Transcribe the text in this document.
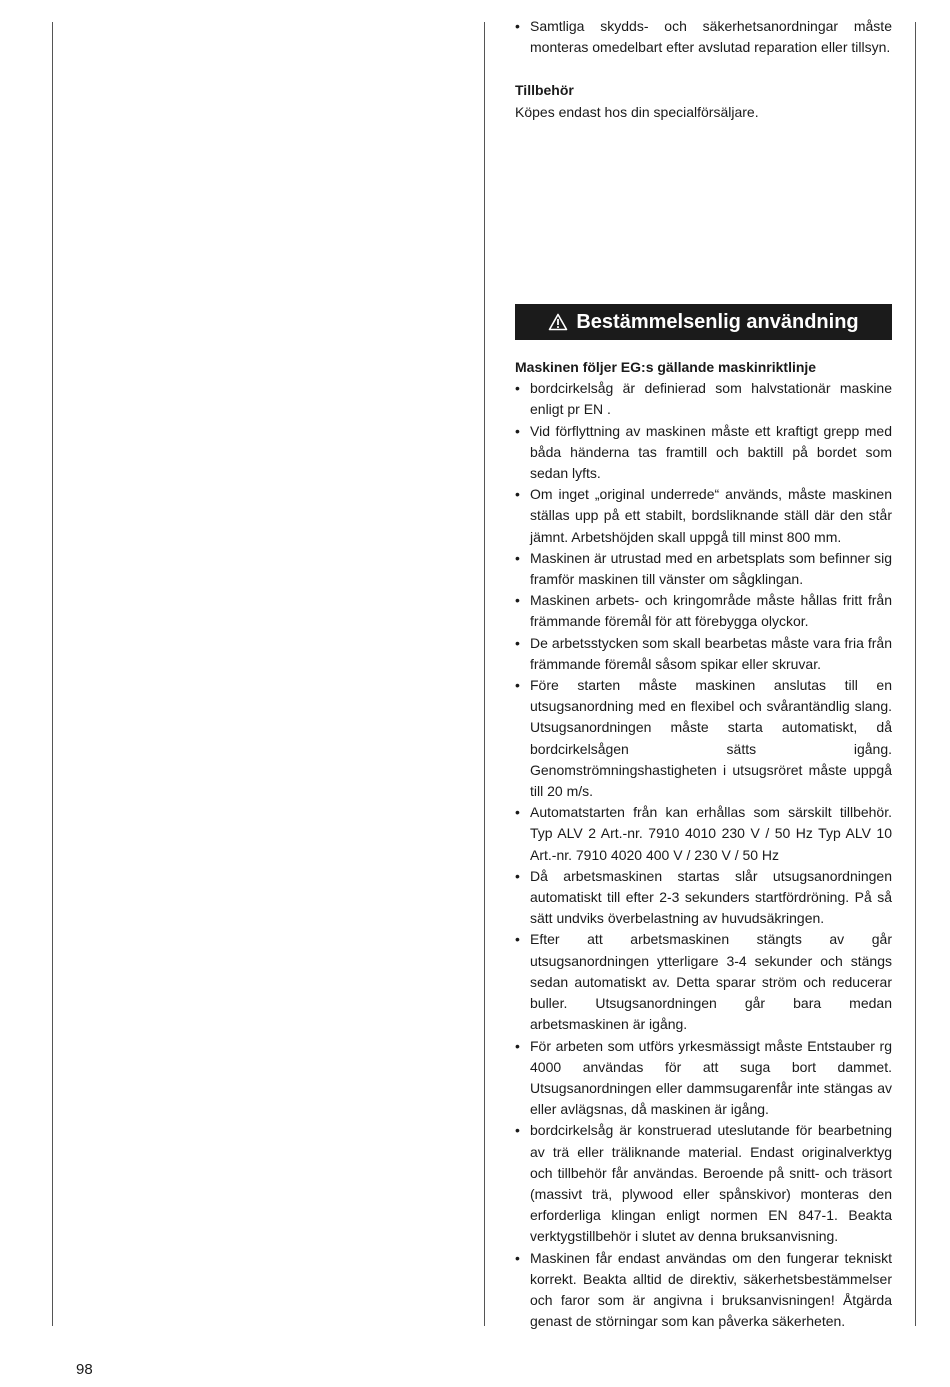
• Samtliga skydds- och säkerhetsanordningar måste monteras omedelbart efter avslutad reparation eller tillsyn.
Tillbehör
Köpes endast hos din specialförsäljare.
Bestämmelsenlig användning
Maskinen följer EG:s gällande maskinriktlinje
• bordcirkelsåg är definierad som halvstationär maskine enligt pr EN .
• Vid förflyttning av maskinen måste ett kraftigt grepp med båda händerna tas framtill och baktill på bordet som sedan lyfts.
• Om inget „original underrede“ används, måste maskinen ställas upp på ett stabilt, bordsliknande ställ där den står jämnt. Arbetshöjden skall uppgå till minst 800 mm.
• Maskinen är utrustad med en arbetsplats som befinner sig framför maskinen till vänster om sågklingan.
• Maskinen arbets- och kringområde måste hållas fritt från främmande föremål för att förebygga olyckor.
• De arbetsstycken som skall bearbetas måste vara fria från främmande föremål såsom spikar eller skruvar.
• Före starten måste maskinen anslutas till en utsugsanordning med en flexibel och svårantändlig slang. Utsugsanordningen måste starta automatiskt, då bordcirkelsågen sätts igång. Genomströmningshastigheten i utsugsröret måste uppgå till 20 m/s.
• Automatstarten från kan erhållas som särskilt tillbehör. Typ ALV 2 Art.-nr. 7910 4010 230 V / 50 Hz Typ ALV 10 Art.-nr. 7910 4020 400 V / 230 V / 50 Hz
• Då arbetsmaskinen startas slår utsugsanordningen automatiskt till efter 2-3 sekunders startfördröning. På så sätt undviks överbelastning av huvudsäkringen.
• Efter att arbetsmaskinen stängts av går utsugsanordningen ytterligare 3-4 sekunder och stängs sedan automatiskt av. Detta sparar ström och reducerar buller. Utsugsanordningen går bara medan arbetsmaskinen är igång.
• För arbeten som utförs yrkesmässigt måste Entstauber rg 4000 användas för att suga bort dammet. Utsugsanordningen eller dammsugarenfår inte stängas av eller avlägsnas, då maskinen är igång.
• bordcirkelsåg är konstruerad uteslutande för bearbetning av trä eller träliknande material. Endast originalverktyg och tillbehör får användas. Beroende på snitt- och träsort (massivt trä, plywood eller spånskivor) monteras den erforderliga klingan enligt normen EN 847-1. Beakta verktygstillbehör i slutet av denna bruksanvisning.
• Maskinen får endast användas om den fungerar tekniskt korrekt. Beakta alltid de direktiv, säkerhetsbestämmelser och faror som är angivna i bruksanvisningen! Åtgärda genast de störningar som kan påverka säkerheten.
98
